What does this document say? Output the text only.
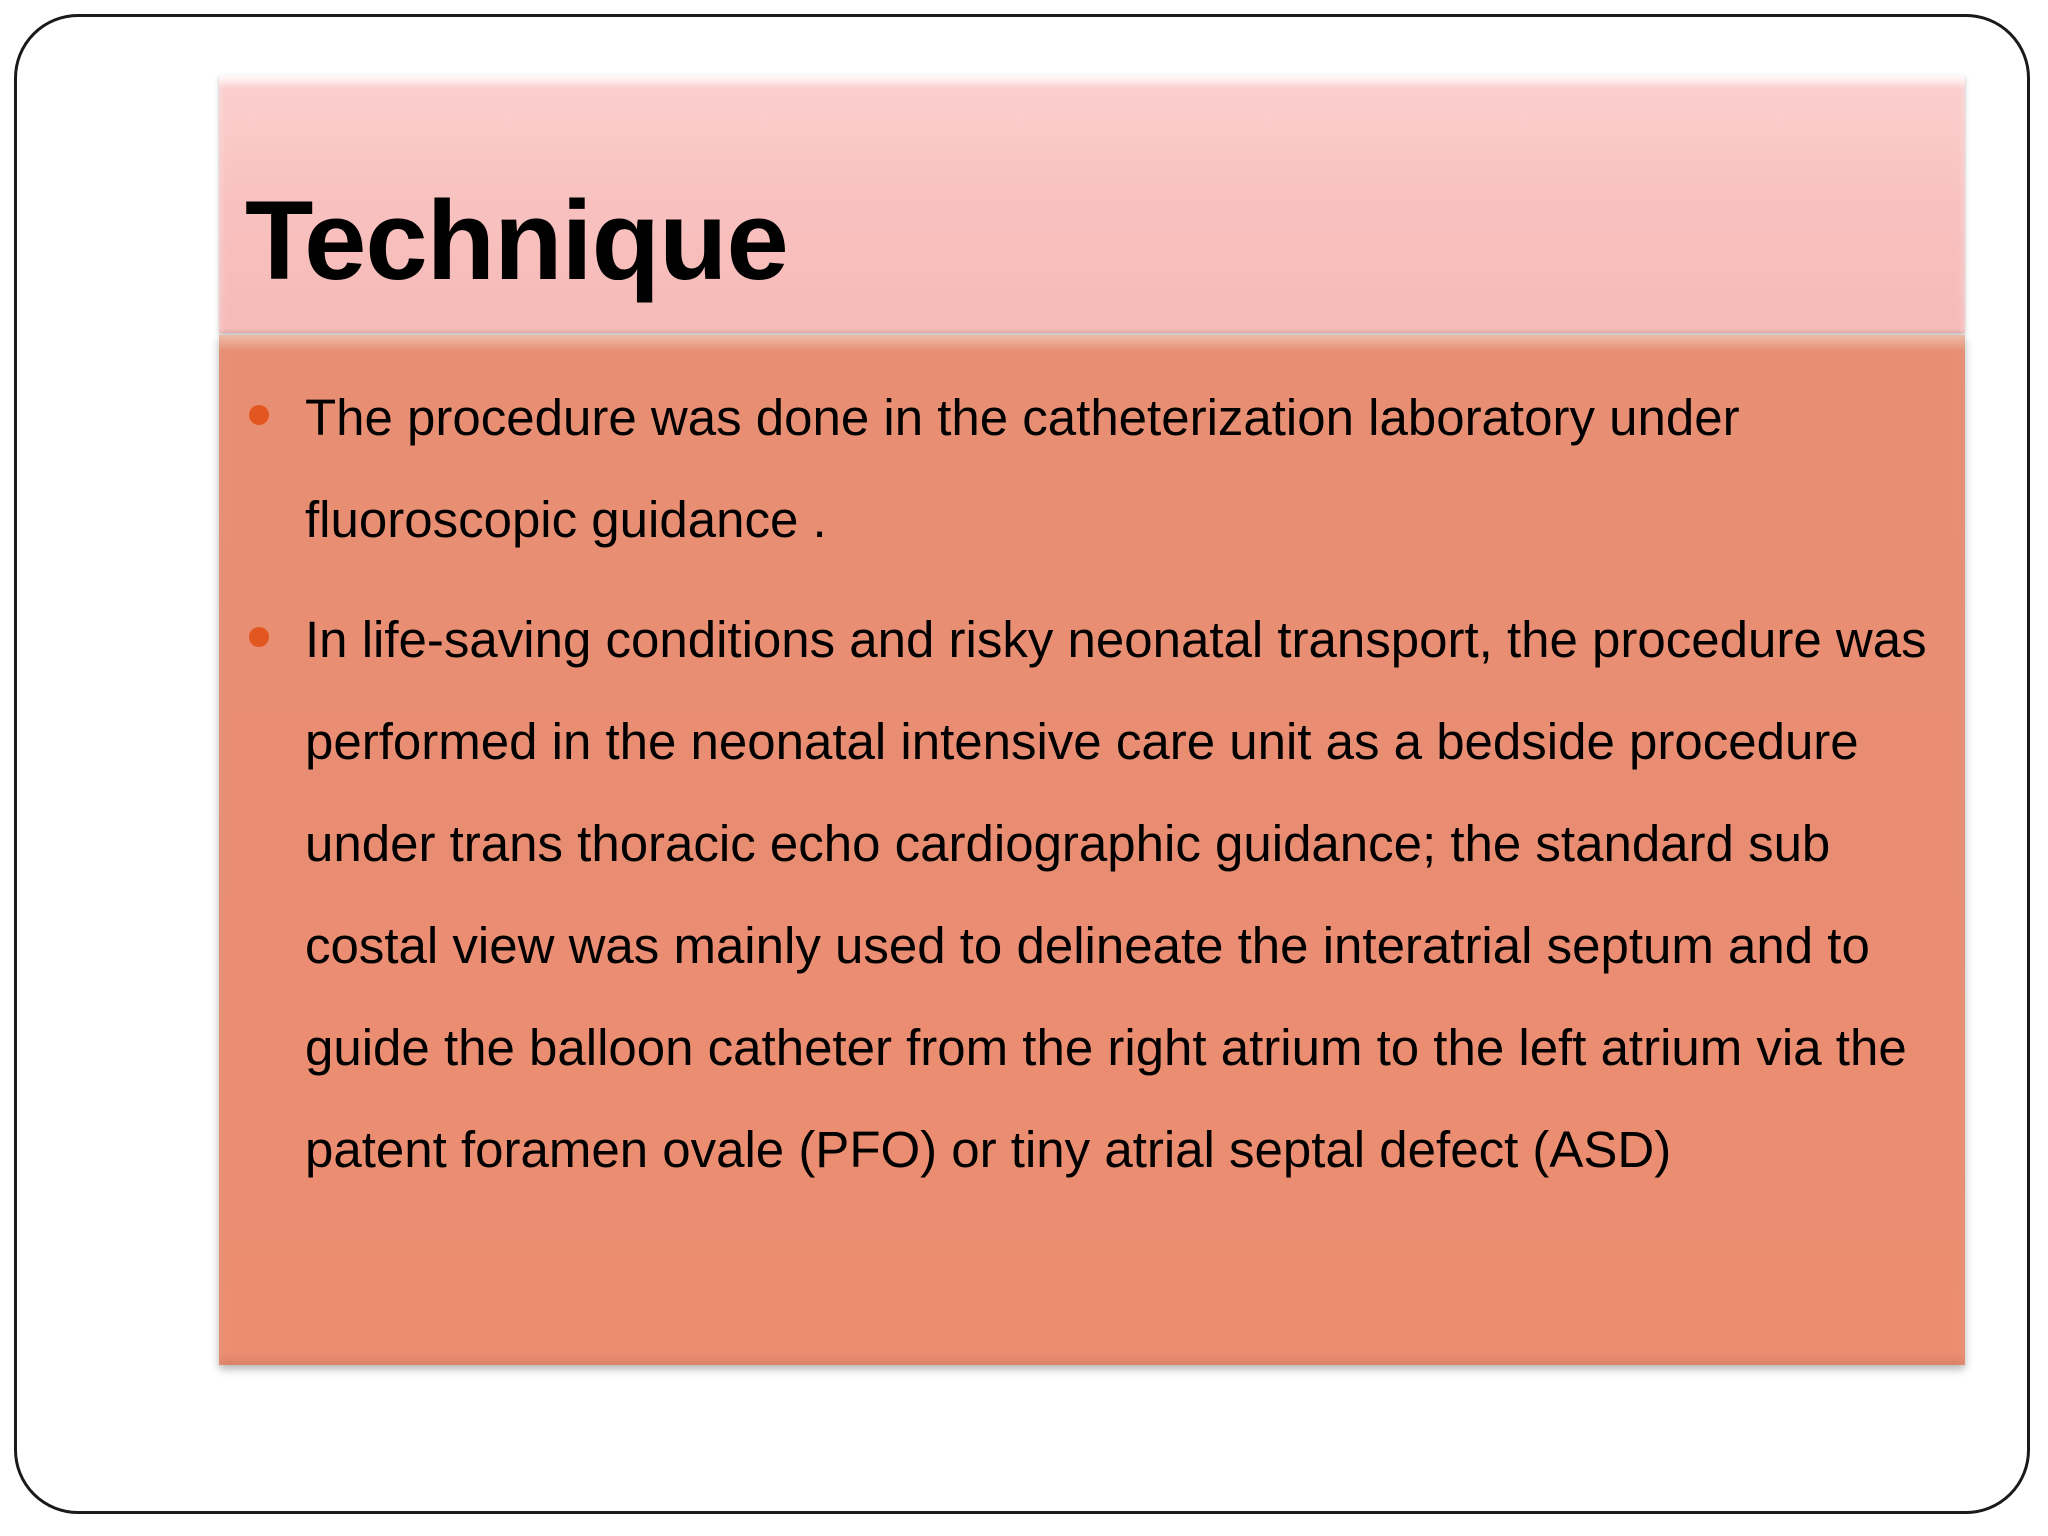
Technique
The procedure was done in the catheterization laboratory under fluoroscopic guidance .
In life-saving conditions and risky neonatal transport, the procedure was performed in the neonatal intensive care unit as a bedside procedure under trans thoracic echo cardiographic guidance; the standard sub costal view was mainly used to delineate the interatrial septum and to guide the balloon catheter from the right atrium to the left atrium via the patent foramen ovale (PFO) or tiny atrial septal defect (ASD)
